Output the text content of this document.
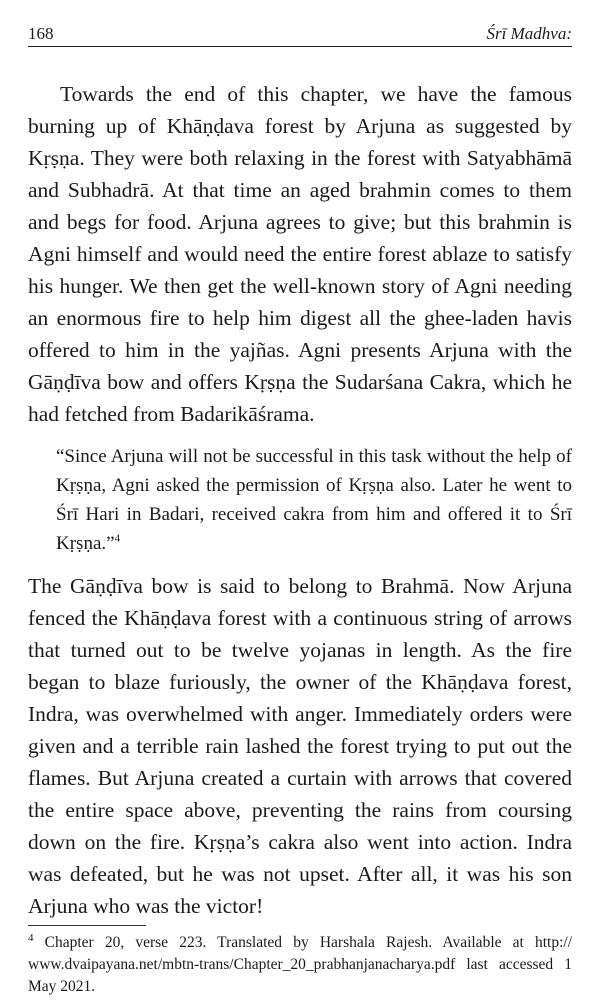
168	Śrī Madhva:

Towards the end of this chapter, we have the famous burning up of Khāṇḍava forest by Arjuna as suggested by Kṛṣṇa. They were both relaxing in the forest with Satyabhāmā and Subhadrā. At that time an aged brahmin comes to them and begs for food. Arjuna agrees to give; but this brahmin is Agni himself and would need the entire forest ablaze to satisfy his hunger. We then get the well-known story of Agni needing an enormous fire to help him digest all the ghee-laden havis offered to him in the yajñas. Agni presents Arjuna with the Gāṇḍīva bow and offers Kṛṣṇa the Sudarśana Cakra, which he had fetched from Badarikāśrama.

“Since Arjuna will not be successful in this task without the help of Kṛṣṇa, Agni asked the permission of Kṛṣṇa also. Later he went to Śrī Hari in Badari, received cakra from him and offered it to Śrī Kṛṣṇa.”$^4$

The Gāṇḍīva bow is said to belong to Brahmā. Now Arjuna fenced the Khāṇḍava forest with a continuous string of arrows that turned out to be twelve yojanas in length. As the fire began to blaze furiously, the owner of the Khāṇḍava forest, Indra, was overwhelmed with anger. Immediately orders were given and a terrible rain lashed the forest trying to put out the flames. But Arjuna created a curtain with arrows that covered the entire space above, preventing the rains from coursing down on the fire. Kṛṣṇa’s cakra also went into action. Indra was defeated, but he was not upset. After all, it was his son Arjuna who was the victor!

$^4$ Chapter 20, verse 223. Translated by Harshala Rajesh. Available at http:// www.dvaipayana.net/mbtn-trans/Chapter_20_prabhanjanacharya.pdf last accessed 1 May 2021.
